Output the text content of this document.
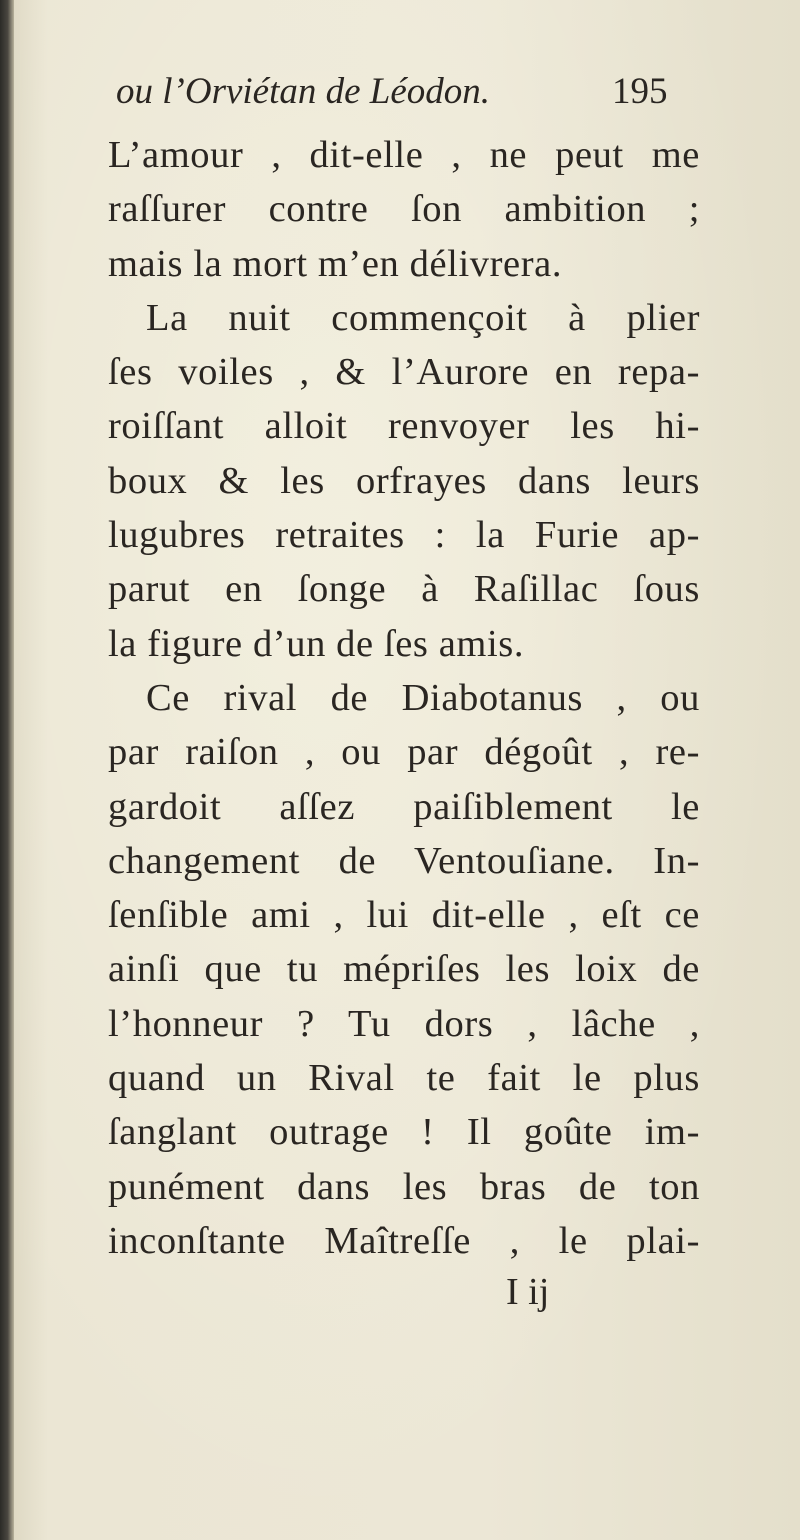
ou l’Orviétan de Léodon.	195
L’amour , dit-elle , ne peut me
raſſurer contre ſon ambition ;
mais la mort m’en délivrera.
La nuit commençoit à plier
ſes voiles , & l’Aurore en repa-
roiſſant alloit renvoyer les hi-
boux & les orfrayes dans leurs
lugubres retraites : la Furie ap-
parut en ſonge à Raſillac ſous
la figure d’un de ſes amis.
Ce rival de Diabotanus , ou
par raiſon , ou par dégoût , re-
gardoit aſſez paiſiblement le
changement de Ventouſiane. In-
ſenſible ami , lui dit-elle , eſt ce
ainſi que tu mépriſes les loix de
l’honneur ? Tu dors , lâche ,
quand un Rival te fait le plus
ſanglant outrage ! Il goûte im-
punément dans les bras de ton
inconſtante Maîtreſſe , le plai-
I ij
